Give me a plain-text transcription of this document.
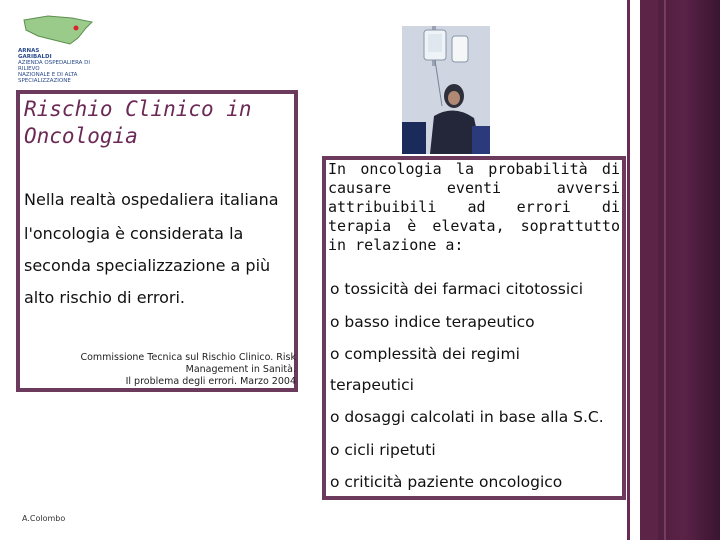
ARNAS
GARIBALDI
AZIENDA OSPEDALIERA DI RILIEVO
NAZIONALE E DI ALTA SPECIALIZZAZIONE
Rischio Clinico in
Oncologia
Nella realtà ospedaliera italiana
l'oncologia è considerata la
seconda specializzazione a più
alto rischio di errori.
Commissione Tecnica sul Rischio Clinico. Risk
Management in Sanità.
Il problema degli errori. Marzo 2004
In oncologia la probabilità di causare eventi avversi attribuibili ad errori di terapia è elevata, soprattutto in relazione a:
o tossicità dei farmaci citotossici
o basso indice terapeutico
o complessità dei regimi
terapeutici
o dosaggi calcolati in base alla S.C.
o cicli ripetuti
o criticità paziente oncologico
A.Colombo
